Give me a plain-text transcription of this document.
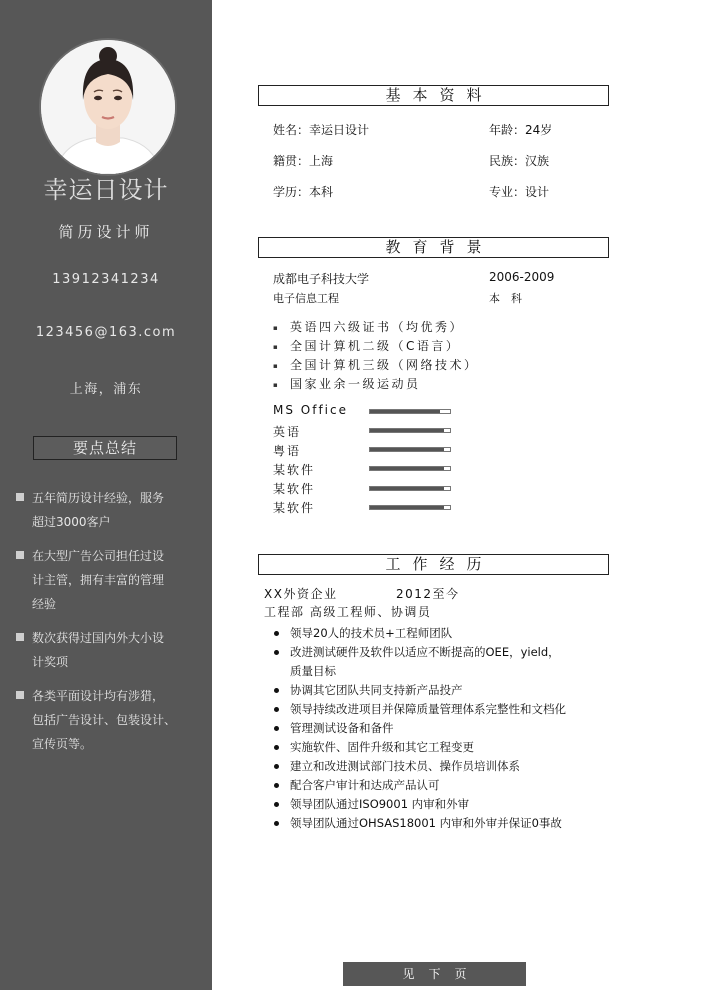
幸运日设计
简历设计师
13912341234
123456@163.com
上海，浦东
要点总结
五年简历设计经验，服务
超过3000客户
在大型广告公司担任过设
计主管，拥有丰富的管理
经验
数次获得过国内外大小设
计奖项
各类平面设计均有涉猎，
包括广告设计、包装设计、
宣传页等。
基本资料
姓名：幸运日设计	年龄：24岁
籍贯：上海	民族：汉族
学历：本科	专业：设计
教育背景
成都电子科技大学	2006-2009
电子信息工程	本　科
▪ 英语四六级证书（均优秀）
▪ 全国计算机二级（C语言）
▪ 全国计算机三级（网络技术）
▪ 国家业余一级运动员
MS Office
英语
粤语
某软件
某软件
某软件
工作经历
XX外资企业	2012至今
工程部 高级工程师、协调员
领导20人的技术员+工程师团队
改进测试硬件及软件以适应不断提高的OEE，yield，
质量目标
协调其它团队共同支持新产品投产
领导持续改进项目并保障质量管理体系完整性和文档化
管理测试设备和备件
实施软件、固件升级和其它工程变更
建立和改进测试部门技术员、操作员培训体系
配合客户审计和达成产品认可
领导团队通过ISO9001 内审和外审
领导团队通过OHSAS18001 内审和外审并保证0事故
见下页
